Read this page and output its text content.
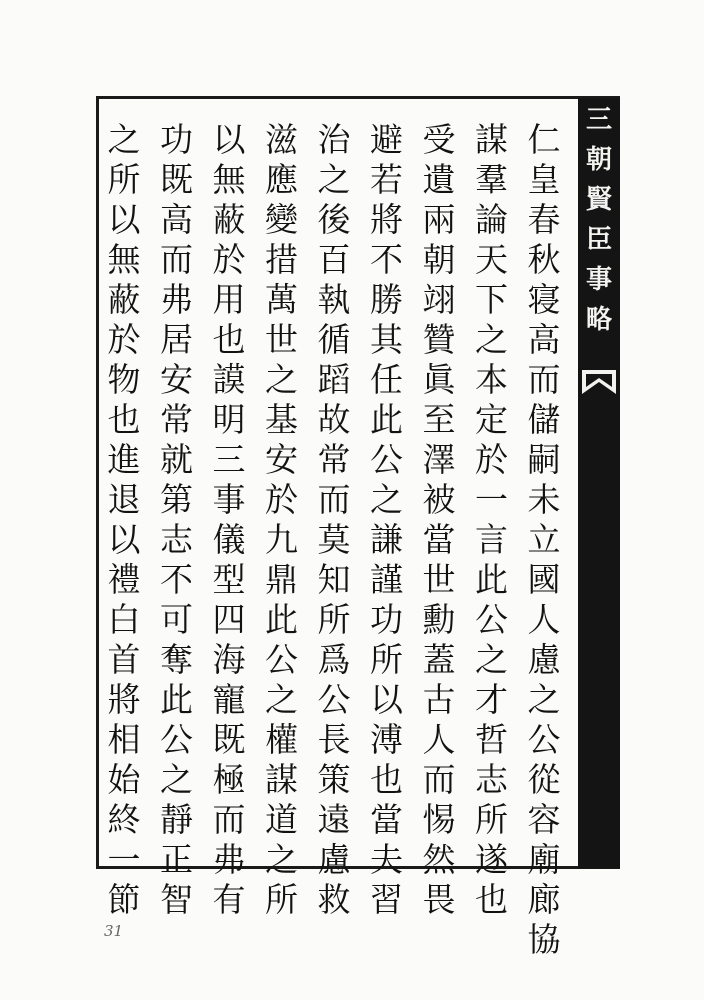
三
朝
賢
臣
事
略
仁
皇
春
秋
寝
高
而
儲
嗣
未
立
國
人
慮
之
公
從
容
廟
廊
協
謀
羣
論
天
下
之
本
定
於
一
言
此
公
之
才
哲
志
所
遂
也
受
遺
兩
朝
翊
贊
眞
至
澤
被
當
世
勳
蓋
古
人
而
惕
然
畏
避
若
將
不
勝
其
任
此
公
之
謙
謹
功
所
以
溥
也
當
夫
習
治
之
後
百
執
循
蹈
故
常
而
莫
知
所
爲
公
長
策
遠
慮
救
滋
應
變
措
萬
世
之
基
安
於
九
鼎
此
公
之
權
謀
道
之
所
以
無
蔽
於
用
也
謨
明
三
事
儀
型
四
海
寵
既
極
而
弗
有
功
既
高
而
弗
居
安
常
就
第
志
不
可
奪
此
公
之
靜
正
智
之
所
以
無
蔽
於
物
也
進
退
以
禮
白
首
將
相
始
終
一
節
31
